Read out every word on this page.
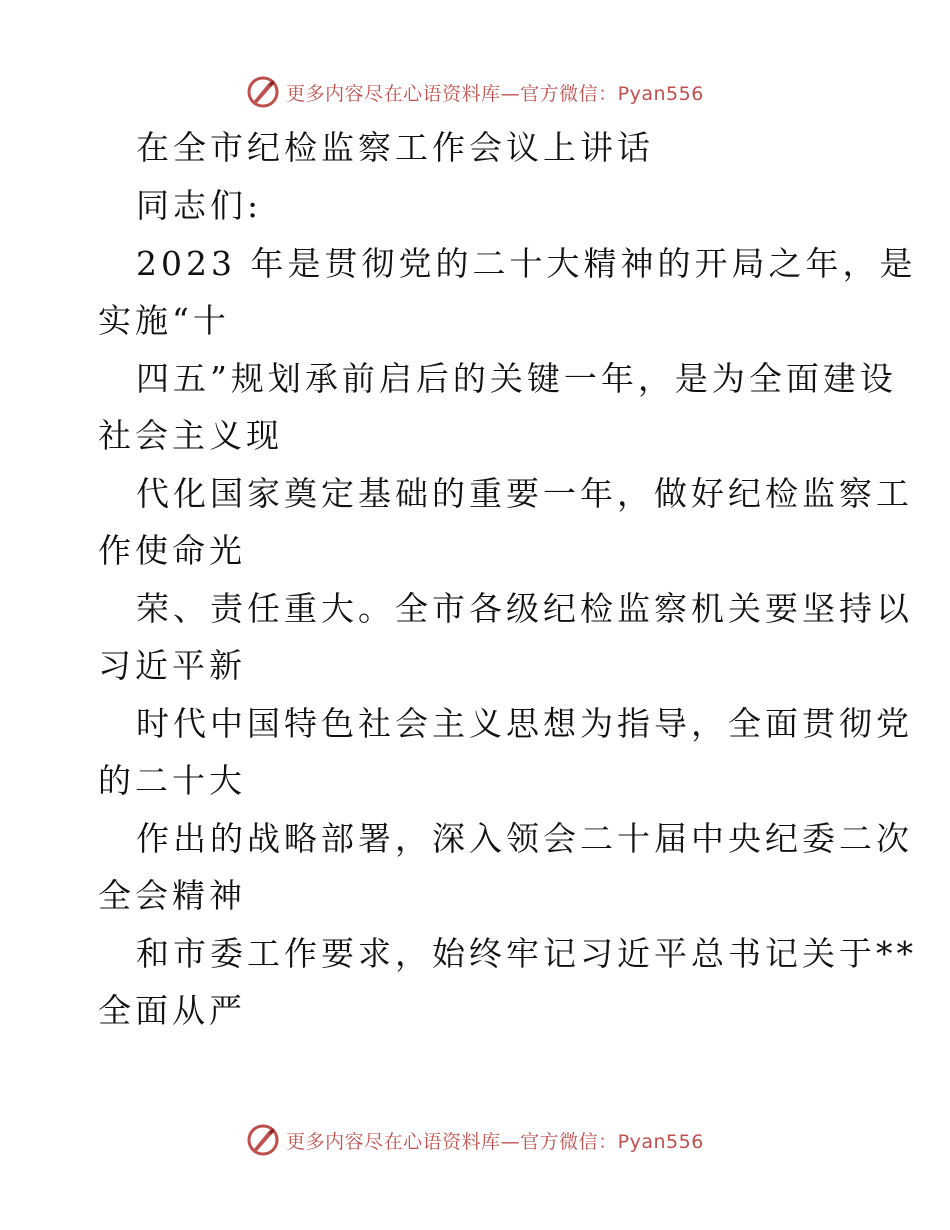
更多内容尽在心语资料库—官方微信：Pyan556
在全市纪检监察工作会议上讲话
同志们:
2023 年是贯彻党的二十大精神的开局之年，是
实施“十
四五”规划承前启后的关键一年，是为全面建设
社会主义现
代化国家奠定基础的重要一年，做好纪检监察工
作使命光
荣、责任重大。全市各级纪检监察机关要坚持以
习近平新
时代中国特色社会主义思想为指导，全面贯彻党
的二十大
作出的战略部署，深入领会二十届中央纪委二次
全会精神
和市委工作要求，始终牢记习近平总书记关于**
全面从严
更多内容尽在心语资料库—官方微信：Pyan556
